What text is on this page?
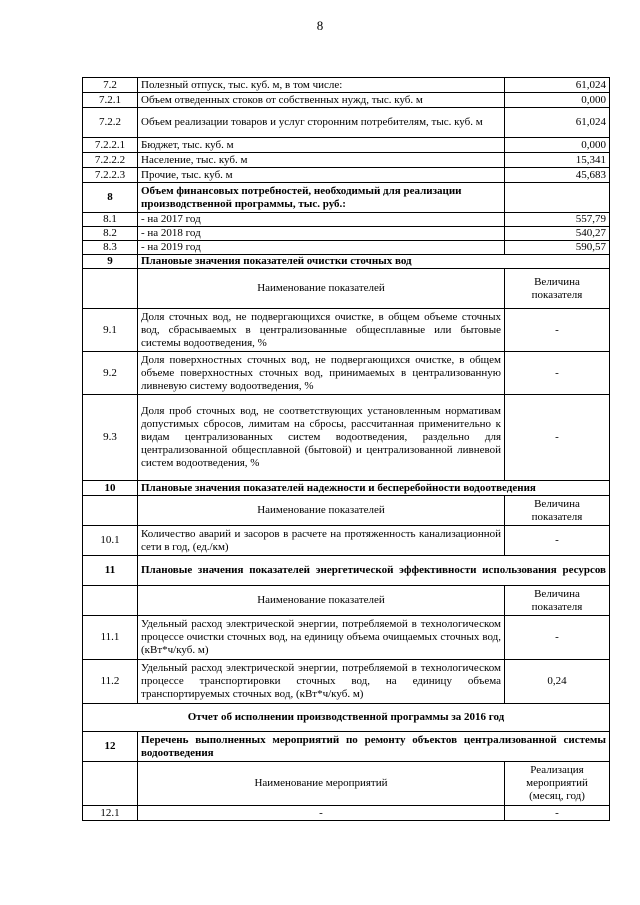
8
7.2	Полезный отпуск, тыс. куб. м, в том числе:	61,024
7.2.1	Объем отведенных стоков от собственных нужд, тыс. куб. м	0,000
7.2.2	Объем реализации товаров и услуг сторонним потребителям, тыс. куб. м	61,024
7.2.2.1	Бюджет, тыс. куб. м	0,000
7.2.2.2	Население, тыс. куб. м	15,341
7.2.2.3	Прочие, тыс. куб. м	45,683
8	Объем финансовых потребностей, необходимый для реализации производственной программы, тыс. руб.:	
8.1	- на 2017 год	557,79
8.2	- на 2018 год	540,27
8.3	- на 2019 год	590,57
9	Плановые значения показателей очистки сточных вод	
	Наименование показателей	Величина показателя
9.1	Доля сточных вод, не подвергающихся очистке, в общем объеме сточных вод, сбрасываемых в централизованные общесплавные или бытовые системы водоотведения, %	-
9.2	Доля поверхностных сточных вод, не подвергающихся очистке, в общем объеме поверхностных сточных вод, принимаемых в централизованную ливневую систему водоотведения, %	-
9.3	Доля проб сточных вод, не соответствующих установленным нормативам допустимых сбросов, лимитам на сбросы, рассчитанная применительно к видам централизованных систем водоотведения, раздельно для централизованной общесплавной (бытовой) и централизованной ливневой систем водоотведения, %	-
10	Плановые значения показателей надежности и бесперебойности водоотведения	
	Наименование показателей	Величина показателя
10.1	Количество аварий и засоров в расчете на протяженность канализационной сети в год, (ед./км)	-
11	Плановые значения показателей энергетической эффективности использования ресурсов	
	Наименование показателей	Величина показателя
11.1	Удельный расход электрической энергии, потребляемой в технологическом процессе очистки сточных вод, на единицу объема очищаемых сточных вод, (кВт*ч/куб. м)	-
11.2	Удельный расход электрической энергии, потребляемой в технологическом процессе транспортировки сточных вод, на единицу объема транспортируемых сточных вод, (кВт*ч/куб. м)	0,24
Отчет об исполнении производственной программы за 2016 год		
12	Перечень выполненных мероприятий по ремонту объектов централизованной системы водоотведения	
	Наименование мероприятий	Реализация мероприятий (месяц, год)
12.1	-	-
